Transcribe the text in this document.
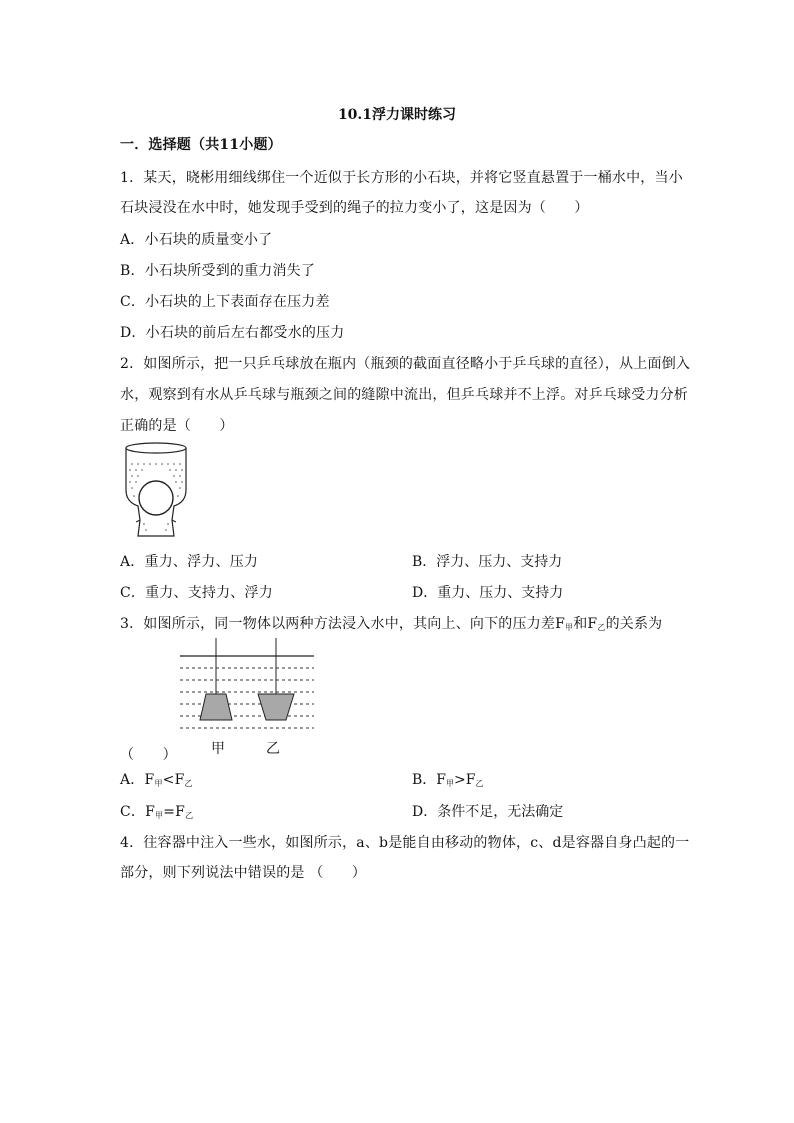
10.1浮力课时练习
一．选择题（共11小题）
1．某天，晓彬用细线绑住一个近似于长方形的小石块，并将它竖直悬置于一桶水中，当小
石块浸没在水中时，她发现手受到的绳子的拉力变小了，这是因为（　　）
A．小石块的质量变小了
B．小石块所受到的重力消失了
C．小石块的上下表面存在压力差
D．小石块的前后左右都受水的压力
2．如图所示，把一只乒乓球放在瓶内（瓶颈的截面直径略小于乒乓球的直径），从上面倒入
水，观察到有水从乒乓球与瓶颈之间的缝隙中流出，但乒乓球并不上浮。对乒乓球受力分析
正确的是（　　）
A．重力、浮力、压力	B．浮力、压力、支持力
C．重力、支持力、浮力	D．重力、压力、支持力
3．如图所示，同一物体以两种方法浸入水中，其向上、向下的压力差$F_甲$和$F_乙$的关系为
甲	乙
（　　）
A．$F_甲<F_乙$	B．$F_甲>F_乙$
C．$F_甲=F_乙$	D．条件不足，无法确定
4．往容器中注入一些水，如图所示，a、b是能自由移动的物体，c、d是容器自身凸起的一
部分，则下列说法中错误的是 （　　）
